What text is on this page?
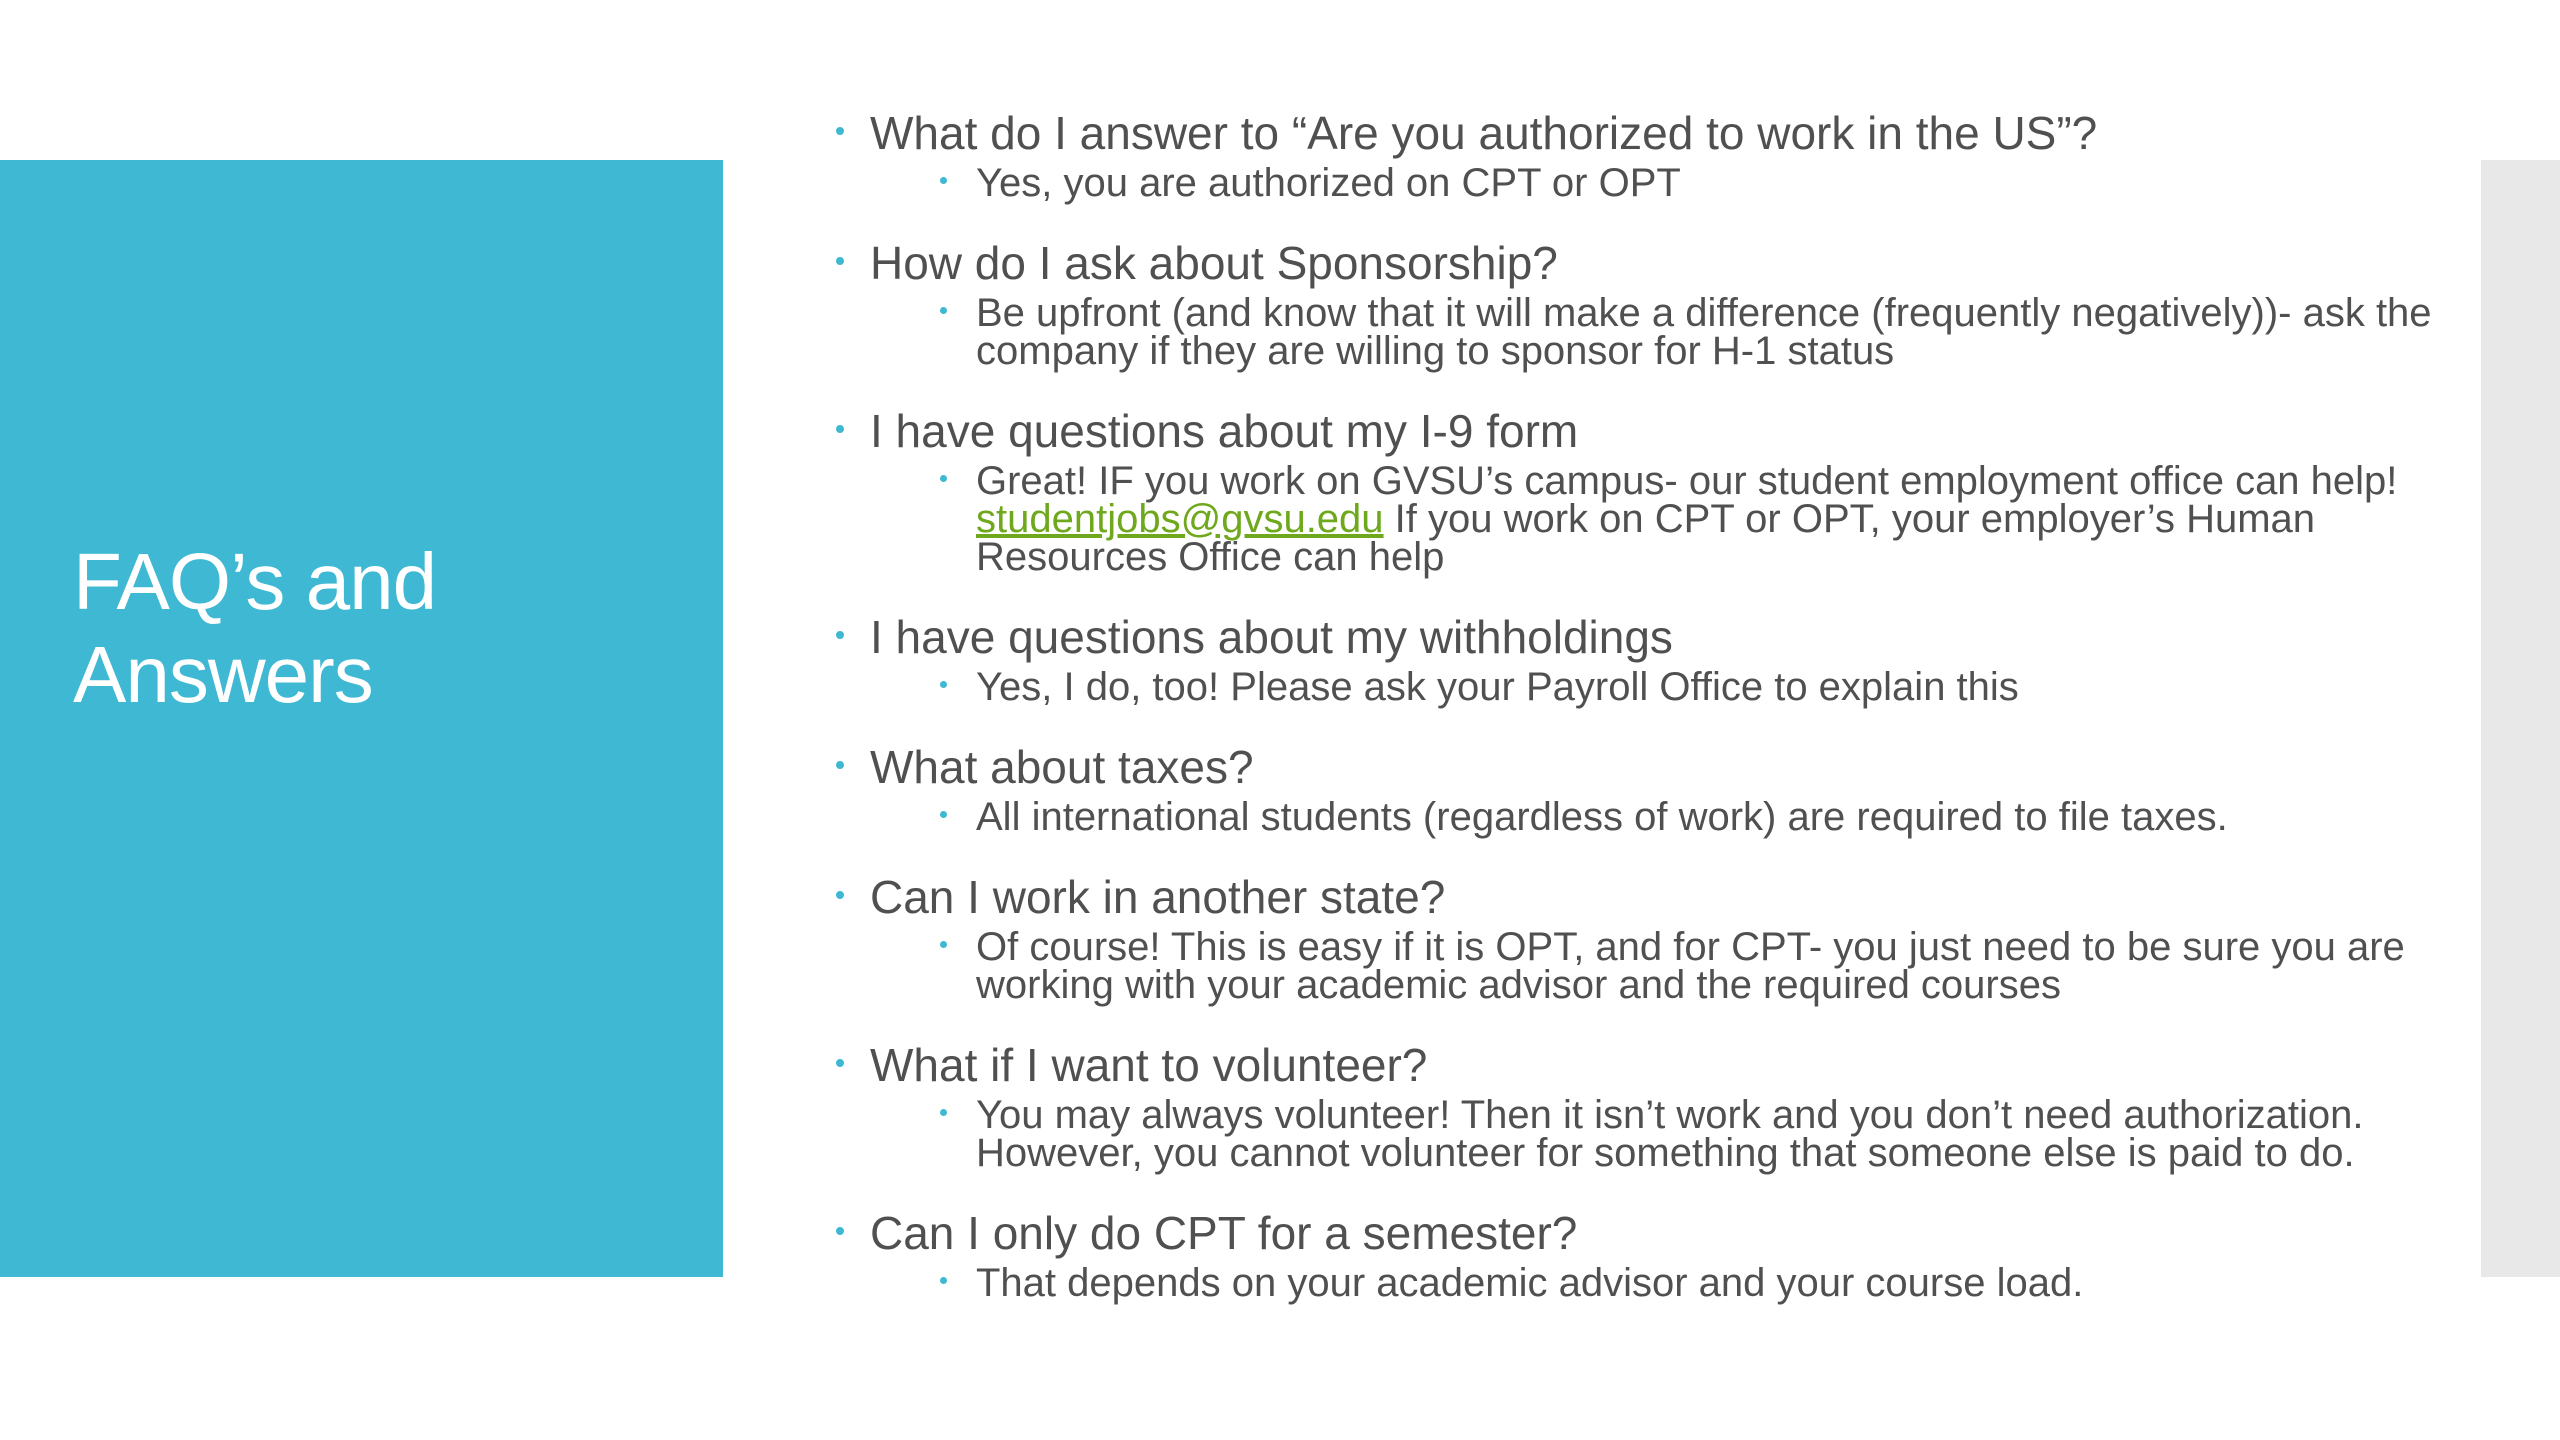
FAQ’s and Answers
What do I answer to “Are you authorized to work in the US”?
Yes, you are authorized on CPT or OPT
How do I ask about Sponsorship?
Be upfront (and know that it will make a difference (frequently negatively))- ask the company if they are willing to sponsor for H-1 status
I have questions about my I-9 form
Great! IF you work on GVSU’s campus- our student employment office can help! studentjobs@gvsu.edu If you work on CPT or OPT, your employer’s Human Resources Office can help
I have questions about my withholdings
Yes, I do, too! Please ask your Payroll Office to explain this
What about taxes?
All international students (regardless of work) are required to file taxes.
Can I work in another state?
Of course! This is easy if it is OPT, and for CPT- you just need to be sure you are working with your academic advisor and the required courses
What if I want to volunteer?
You may always volunteer! Then it isn’t work and you don’t need authorization. However, you cannot volunteer for something that someone else is paid to do.
Can I only do CPT for a semester?
That depends on your academic advisor and your course load.
